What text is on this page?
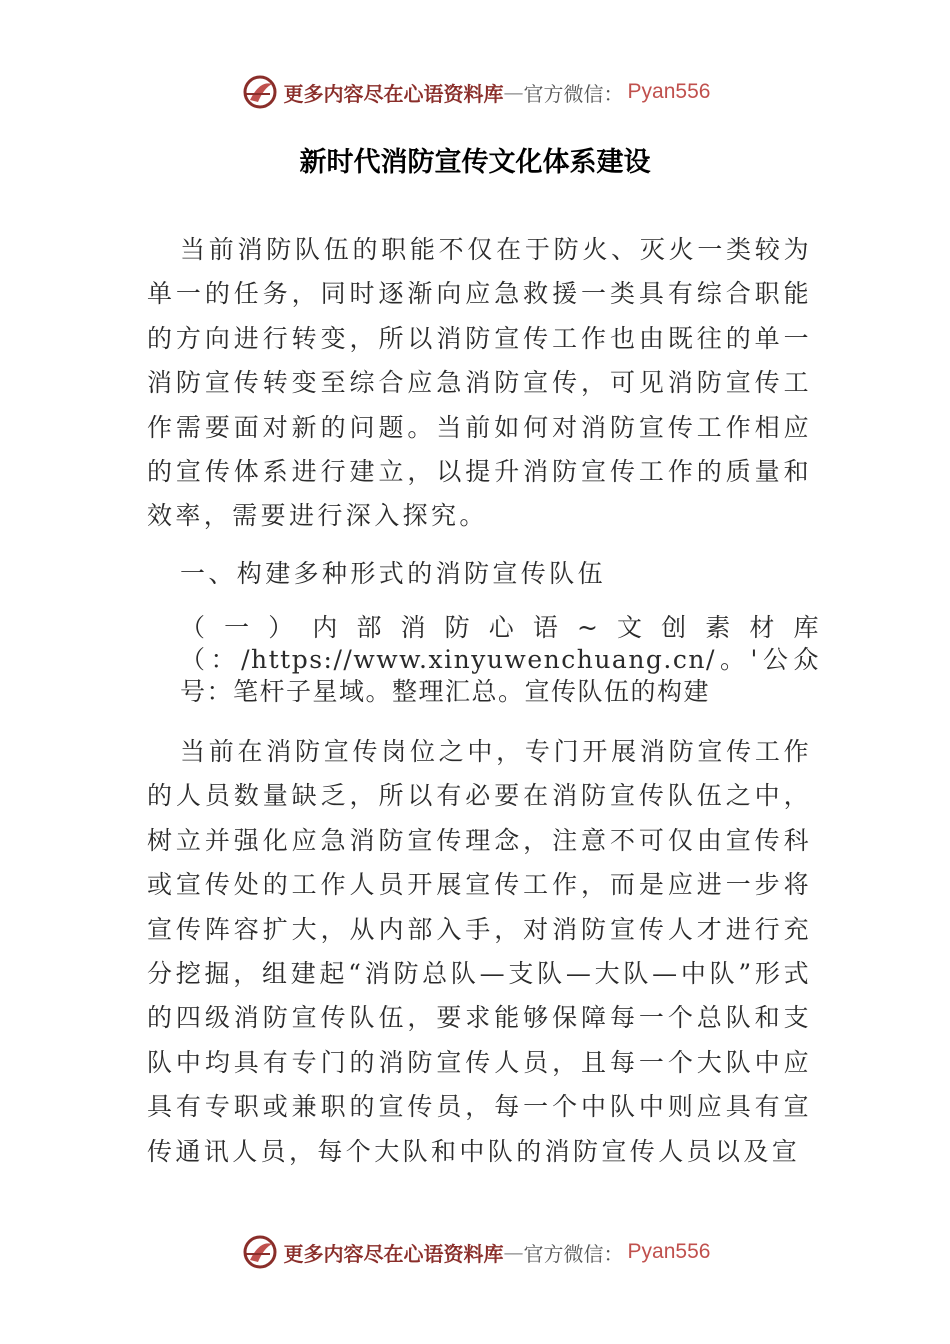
更多内容尽在心语资料库 — 官方微信： Pyan556
新时代消防宣传文化体系建设

当前消防队伍的职能不仅在于防火、灭火一类较为单一的任务，同时逐渐向应急救援一类具有综合职能的方向进行转变，所以消防宣传工作也由既往的单一消防宣传转变至综合应急消防宣传，可见消防宣传工作需要面对新的问题。当前如何对消防宣传工作相应的宣传体系进行建立，以提升消防宣传工作的质量和效率，需要进行深入探究。

一、构建多种形式的消防宣传队伍

（一）内部消防心语~文创素材库（：/https://www.xinyuwenchuang.cn/。'公众号：笔杆子星域。整理汇总。宣传队伍的构建

当前在消防宣传岗位之中，专门开展消防宣传工作的人员数量缺乏，所以有必要在消防宣传队伍之中，树立并强化应急消防宣传理念，注意不可仅由宣传科或宣传处的工作人员开展宣传工作，而是应进一步将宣传阵容扩大，从内部入手，对消防宣传人才进行充分挖掘，组建起“消防总队—支队—大队—中队”形式的四级消防宣传队伍，要求能够保障每一个总队和支队中均具有专门的消防宣传人员，且每一个大队中应具有专职或兼职的宣传员，每一个中队中则应具有宣传通讯人员，每个大队和中队的消防宣传人员以及宣

更多内容尽在心语资料库 — 官方微信： Pyan556
